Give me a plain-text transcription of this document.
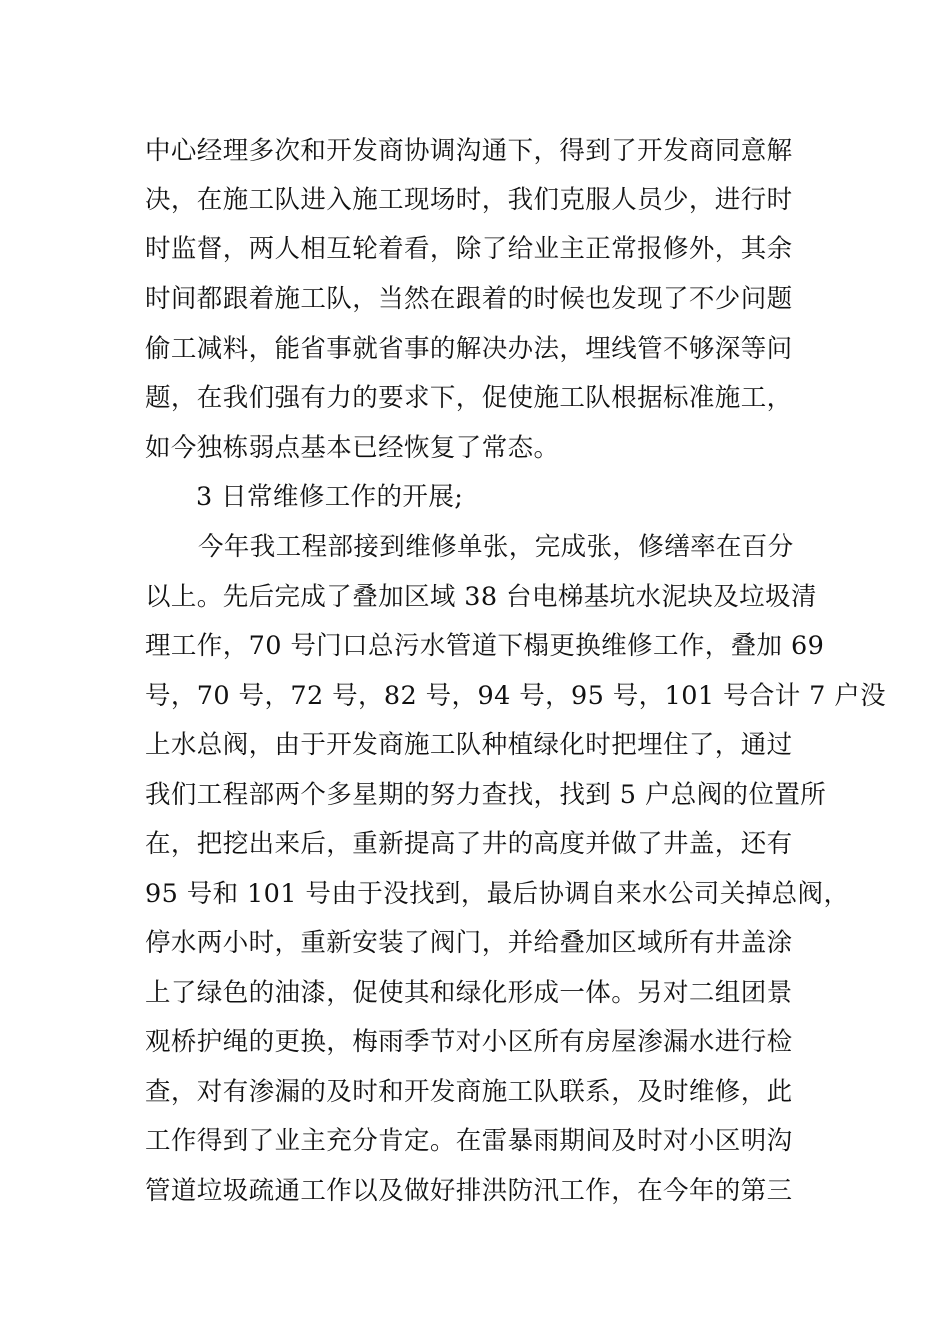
中心经理多次和开发商协调沟通下，得到了开发商同意解
决，在施工队进入施工现场时，我们克服人员少，进行时
时监督，两人相互轮着看，除了给业主正常报修外，其余
时间都跟着施工队，当然在跟着的时候也发现了不少问题
偷工减料，能省事就省事的解决办法，埋线管不够深等问
题，在我们强有力的要求下，促使施工队根据标准施工，
如今独栋弱点基本已经恢复了常态。
3 日常维修工作的开展;
今年我工程部接到维修单张，完成张，修缮率在百分
以上。先后完成了叠加区域 38 台电梯基坑水泥块及垃圾清
理工作，70 号门口总污水管道下榻更换维修工作，叠加 69
号，70 号，72 号，82 号，94 号，95 号，101 号合计 7 户没
上水总阀，由于开发商施工队种植绿化时把埋住了，通过
我们工程部两个多星期的努力查找，找到 5 户总阀的位置所
在，把挖出来后，重新提高了井的高度并做了井盖，还有
95 号和 101 号由于没找到，最后协调自来水公司关掉总阀，
停水两小时，重新安装了阀门，并给叠加区域所有井盖涂
上了绿色的油漆，促使其和绿化形成一体。另对二组团景
观桥护绳的更换，梅雨季节对小区所有房屋渗漏水进行检
查，对有渗漏的及时和开发商施工队联系，及时维修，此
工作得到了业主充分肯定。在雷暴雨期间及时对小区明沟
管道垃圾疏通工作以及做好排洪防汛工作，在今年的第三
